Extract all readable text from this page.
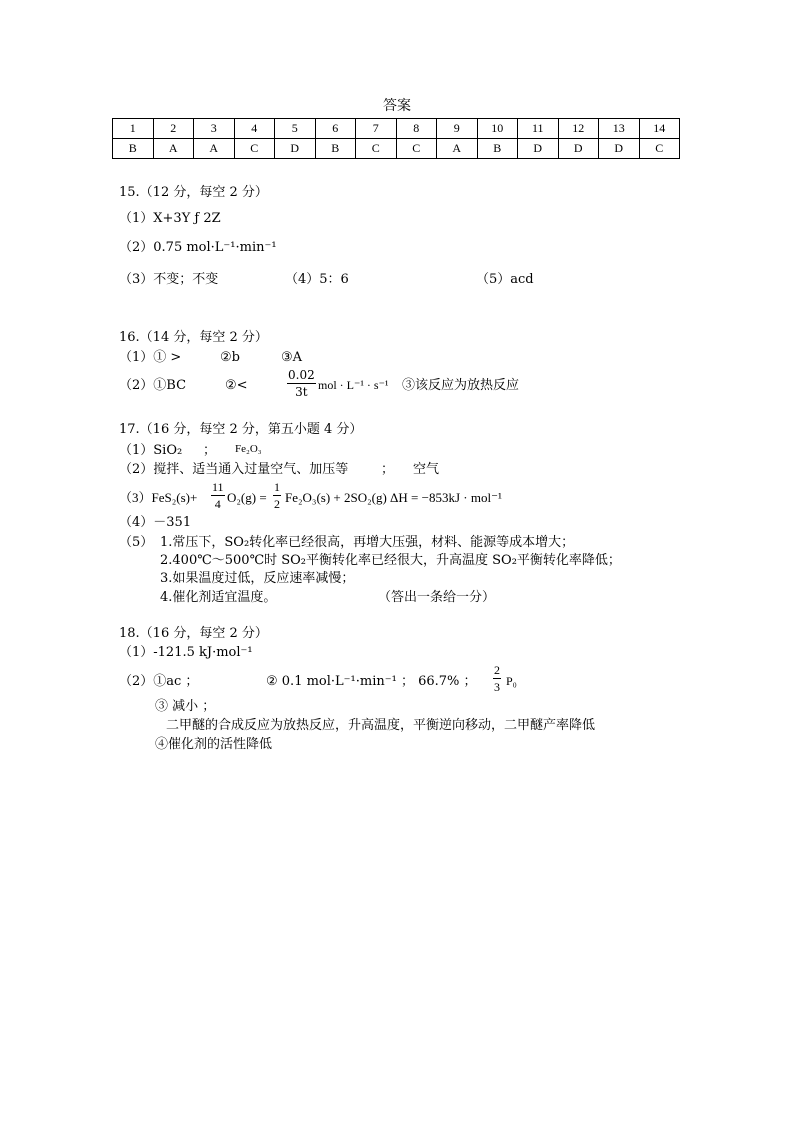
答案
1	2	3	4	5	6	7	8	9	10	11	12	13	14
B	A	A	C	D	B	C	C	A	B	D	D	D	C
15.（12 分，每空 2 分）
（1）X+3Y ƒ 2Z
（2）0.75 mol·L⁻¹·min⁻¹
（3）不变；不变	（4）5：6	（5）acd
16.（14 分，每空 2 分）
（1）① >	②b	③A
（2）①BC	②<	$\frac{0.02}{3t}$ mol · L⁻¹ · s⁻¹ ③该反应为放热反应
17.（16 分，每空 2 分，第五小题 4 分）
（1）SiO₂ ； Fe₂O₃
（2）搅拌、适当通入过量空气、加压等	； 空气
$(3)FeS_2(s)+ \frac{11}{4} O_2(g) = \frac{1}{2} Fe_2O_3(s) + 2SO_2(g) \Delta H = -853kJ \cdot mol^{-1}$
（4）－351
（5） 1.常压下，SO₂转化率已经很高，再增大压强，材料、能源等成本增大；
2.400℃～500℃时 SO₂平衡转化率已经很大，升高温度 SO₂平衡转化率降低；
3.如果温度过低，反应速率减慢；
4.催化剂适宜温度。	（答出一条给一分）
18.（16 分，每空 2 分）
（1）-121.5 kJ·mol⁻¹
（2）①ac ；	② 0.1 mol·L⁻¹·min⁻¹ ； 66.7% ； $\frac{2}{3} P_0$
③ 减小 ；
二甲醚的合成反应为放热反应，升高温度，平衡逆向移动，二甲醚产率降低
④催化剂的活性降低
